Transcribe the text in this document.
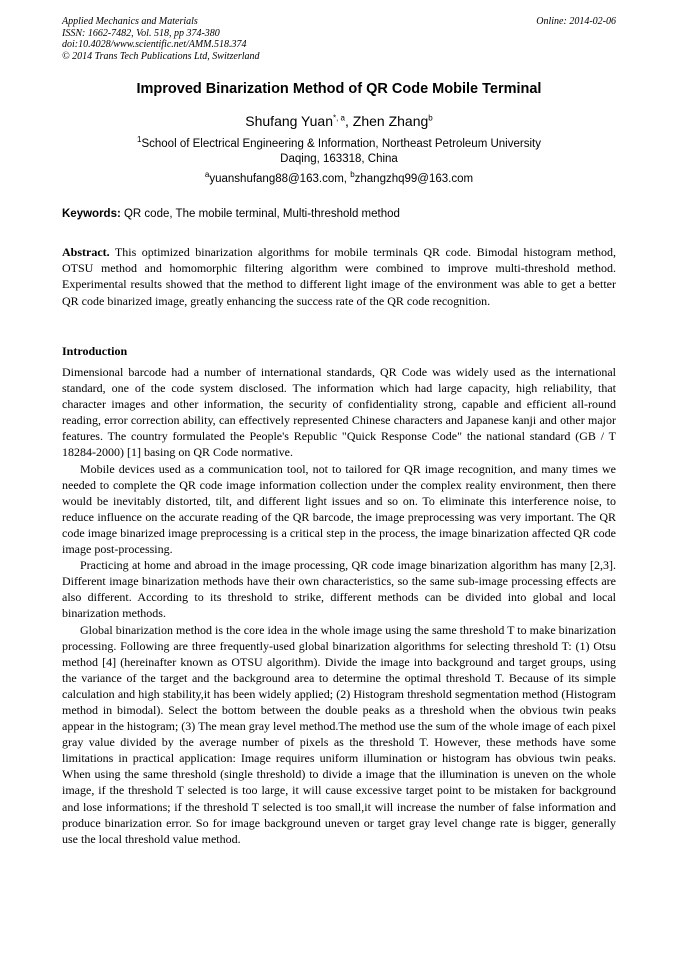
Applied Mechanics and Materials
ISSN: 1662-7482, Vol. 518, pp 374-380
doi:10.4028/www.scientific.net/AMM.518.374
© 2014 Trans Tech Publications Ltd, Switzerland
Online: 2014-02-06
Improved Binarization Method of QR Code Mobile Terminal
Shufang Yuan$^{*, a}$, Zhen Zhang$^b$
$^1$School of Electrical Engineering & Information, Northeast Petroleum University
Daqing, 163318, China
$^a$yuanshufang88@163.com, $^b$zhangzhq99@163.com
Keywords: QR code, The mobile terminal, Multi-threshold method
Abstract. This optimized binarization algorithms for mobile terminals QR code. Bimodal histogram method, OTSU method and homomorphic filtering algorithm were combined to improve multi-threshold method. Experimental results showed that the method to different light image of the environment was able to get a better QR code binarized image, greatly enhancing the success rate of the QR code recognition.
Introduction

Dimensional barcode had a number of international standards, QR Code was widely used as the international standard, one of the code system disclosed. The information which had large capacity, high reliability, that character images and other information, the security of confidentiality strong, capable and efficient all-round reading, error correction ability, can effectively represented Chinese characters and Japanese kanji and other major features. The country formulated the People's Republic "Quick Response Code" the national standard (GB / T 18284-2000) [1] basing on QR Code normative.

Mobile devices used as a communication tool, not to tailored for QR image recognition, and many times we needed to complete the QR code image information collection under the complex reality environment, then there would be inevitably distorted, tilt, and different light issues and so on. To eliminate this interference noise, to reduce influence on the accurate reading of the QR barcode, the image preprocessing was very important. The QR code image binarized image preprocessing is a critical step in the process, the image binarization affected QR code image post-processing.

Practicing at home and abroad in the image processing, QR code image binarization algorithm has many [2,3]. Different image binarization methods have their own characteristics, so the same sub-image processing effects are also different. According to its threshold to strike, different methods can be divided into global and local binarization methods.

Global binarization method is the core idea in the whole image using the same threshold T to make binarization processing. Following are three frequently-used global binarization algorithms for selecting threshold T: (1) Otsu method [4] (hereinafter known as OTSU algorithm). Divide the image into background and target groups, using the variance of the target and the background area to determine the optimal threshold T. Because of its simple calculation and high stability,it has been widely applied; (2) Histogram threshold segmentation method (Histogram method in bimodal). Select the bottom between the double peaks as a threshold when the obvious twin peaks appear in the histogram; (3) The mean gray level method.The method use the sum of the whole image of each pixel gray value divided by the average number of pixels as the threshold T. However, these methods have some limitations in practical application: Image requires uniform illumination or histogram has obvious twin peaks. When using the same threshold (single threshold) to divide a image that the illumination is uneven on the whole image, if the threshold T selected is too large, it will cause excessive target point to be mistaken for background and lose informations; if the threshold T selected is too small,it will increase the number of false information and produce binarization error. So for image background uneven or target gray level change rate is bigger, generally use the local threshold value method.
